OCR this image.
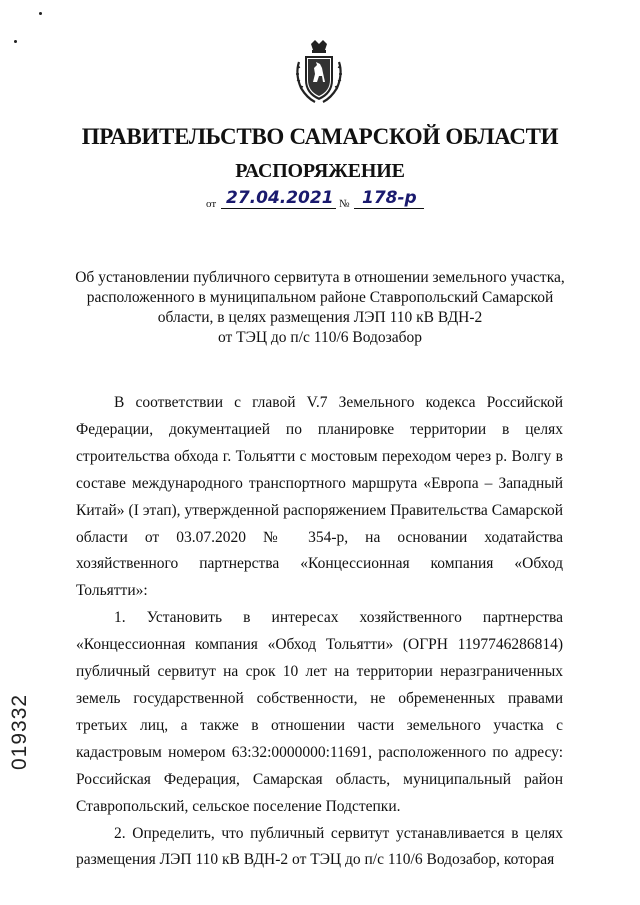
ПРАВИТЕЛЬСТВО САМАРСКОЙ ОБЛАСТИ
РАСПОРЯЖЕНИЕ
от 27.04.2021 № 178-р
Об установлении публичного сервитута в отношении земельного участка,
расположенного в муниципальном районе Ставропольский Самарской
области, в целях размещения ЛЭП 110 кВ ВДН-2
от ТЭЦ до п/с 110/6 Водозабор

В соответствии с главой V.7 Земельного кодекса Российской Федерации, документацией по планировке территории в целях строительства обхода г. Тольятти с мостовым переходом через р. Волгу в составе международного транспортного маршрута «Европа – Западный Китай» (I этап), утвержденной распоряжением Правительства Самарской области от 03.07.2020 № 354-р, на основании ходатайства хозяйственного партнерства «Концессионная компания «Обход Тольятти»:

1. Установить в интересах хозяйственного партнерства «Концессионная компания «Обход Тольятти» (ОГРН 1197746286814) публичный сервитут на срок 10 лет на территории неразграниченных земель государственной собственности, не обремененных правами третьих лиц, а также в отношении части земельного участка с кадастровым номером 63:32:0000000:11691, расположенного по адресу: Российская Федерация, Самарская область, муниципальный район Ставропольский, сельское поселение Подстепки.

2. Определить, что публичный сервитут устанавливается в целях размещения ЛЭП 110 кВ ВДН-2 от ТЭЦ до п/с 110/6 Водозабор, которая

019332
